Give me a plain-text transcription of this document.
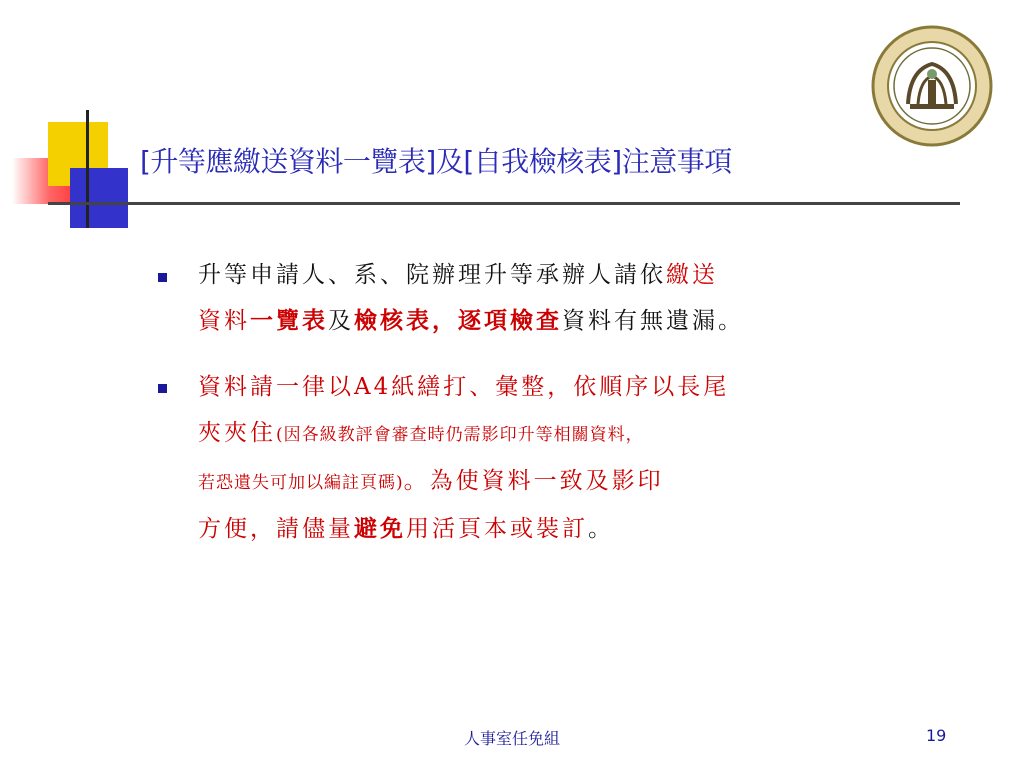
[升等應繳送資料一覽表]及[自我檢核表]注意事項
升等申請人、系、院辦理升等承辦人請依繳送
資料一覽表及檢核表，逐項檢查資料有無遺漏。
資料請一律以A4紙繕打、彙整，依順序以長尾
夾夾住(因各級教評會審查時仍需影印升等相關資料，
若恐遺失可加以編註頁碼)。為使資料一致及影印
方便，請儘量避免用活頁本或裝訂。
人事室任免組	19
